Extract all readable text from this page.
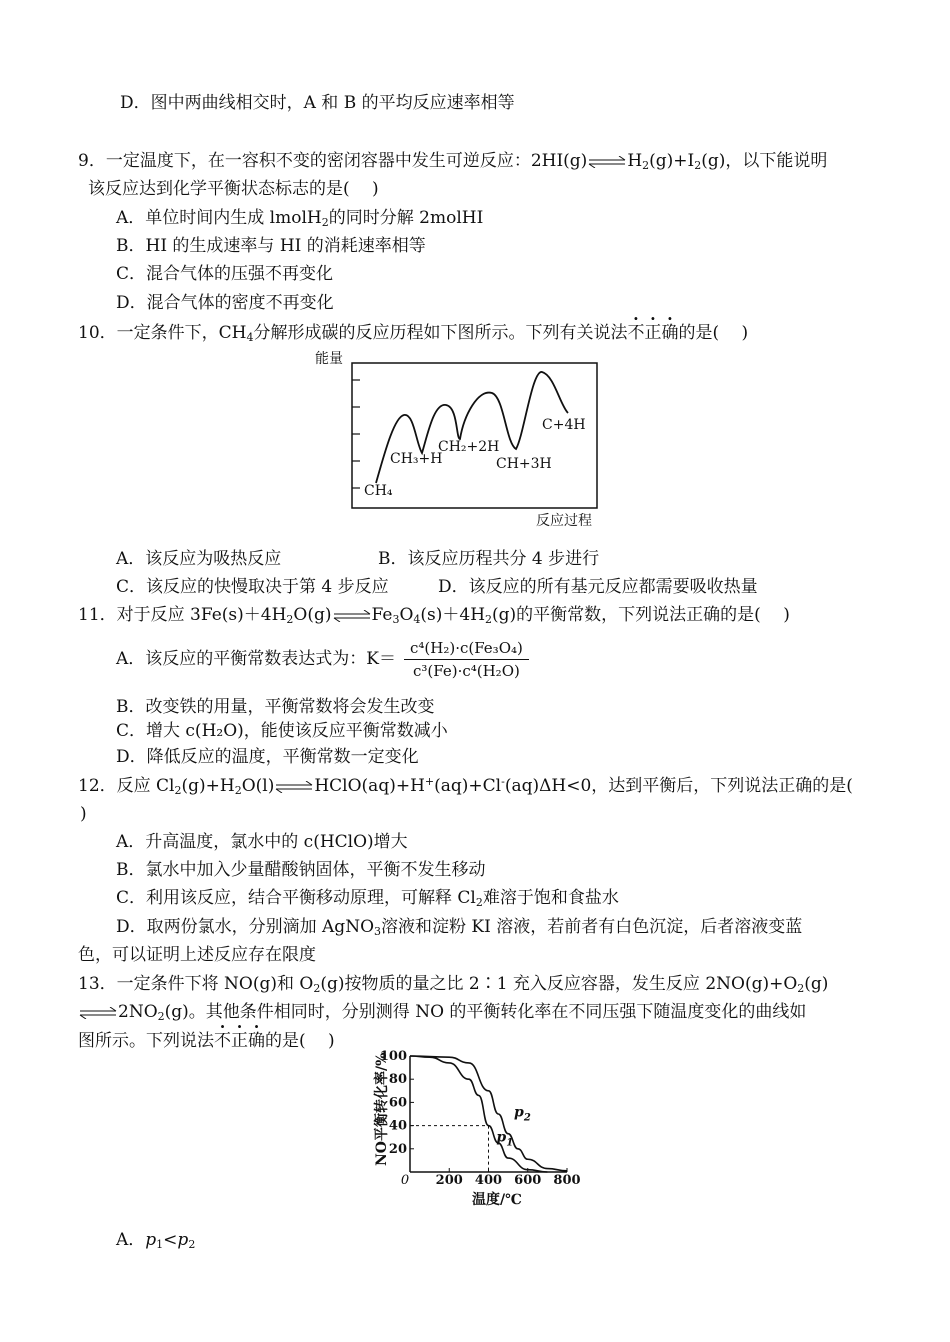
D．图中两曲线相交时，A 和 B 的平均反应速率相等
9．一定温度下，在一容积不变的密闭容器中发生可逆反应：$2HI(g)\rightleftharpoons H_2(g)+I_2(g)$，以下能说明
该反应达到化学平衡状态标志的是(　 )
A．单位时间内生成 lmolH$_2$的同时分解 2molHI
B．HI 的生成速率与 HI 的消耗速率相等
C．混合气体的压强不再变化
D．混合气体的密度不再变化
10．一定条件下，$CH_4$分解形成碳的反应历程如下图所示。下列有关说法不正确的是(　 )
能量
CH₄
CH₃+H
CH₂+2H
CH+3H
C+4H
反应过程
A．该反应为吸热反应	B．该反应历程共分 4 步进行
C．该反应的快慢取决于第 4 步反应	D．该反应的所有基元反应都需要吸收热量
11．对于反应 $3Fe(s)+4H_2O(g)\rightleftharpoons Fe_3O_4(s)+4H_2(g)$的平衡常数，下列说法正确的是(　 )
A．该反应的平衡常数表达式为：$K= \frac{\text{c⁴(H₂)·c(Fe₃O₄)}}{\text{c³(Fe)·c⁴(H₂O)}}$
B．改变铁的用量，平衡常数将会发生改变
C．增大 c(H₂O)，能使该反应平衡常数减小
D．降低反应的温度，平衡常数一定变化
12．反应 $Cl_2(g)+H_2O(l)\rightleftharpoons HClO(aq)+H^+(aq)+Cl^-(aq)\Delta H<0$，达到平衡后，下列说法正确的是(
)
A．升高温度，氯水中的 c(HClO)增大
B．氯水中加入少量醋酸钠固体，平衡不发生移动
C．利用该反应，结合平衡移动原理，可解释 $Cl_2$难溶于饱和食盐水
D．取两份氯水，分别滴加 AgNO$_3$溶液和淀粉 KI 溶液，若前者有白色沉淀，后者溶液变蓝
色，可以证明上述反应存在限度
13．一定条件下将 NO(g)和 $O_2(g)$按物质的量之比 2∶1 充入反应容器，发生反应 $2NO(g)+O_2(g)$
$\rightleftharpoons 2NO_2(g)$。其他条件相同时，分别测得 NO 的平衡转化率在不同压强下随温度变化的曲线如
图所示。下列说法不正确的是(　 )
NO平衡转化率/%
200 400 600 800
20
40
60
80
100
$p_1$
$p_2$
0
温度/℃
A．$p_1<p_2$
